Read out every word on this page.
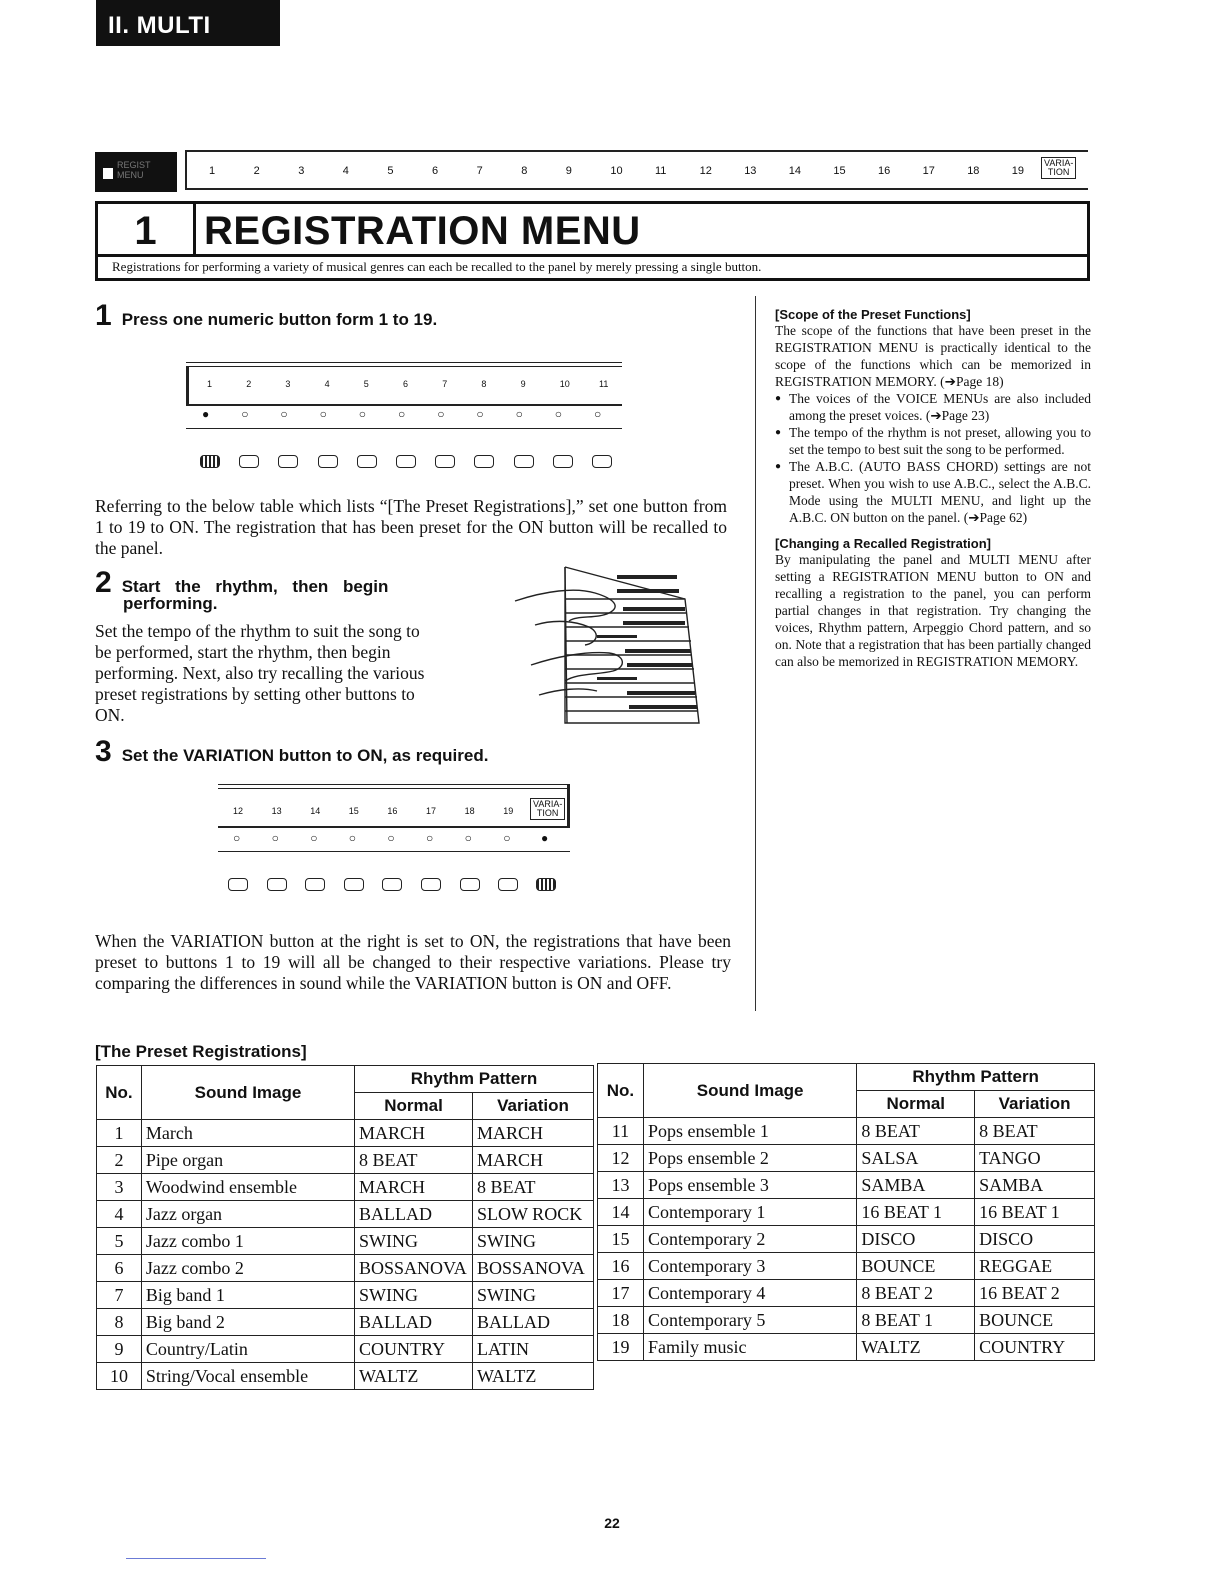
II. MULTI MENU
REGIST MENU	1	2	3	4	5	6	7	8	9	10	11	12	13	14	15	16	17	18	19
VARIA-
TION
1	REGISTRATION MENU
Registrations for performing a variety of musical genres can each be recalled to the panel by merely pressing a single button.
1 Press one numeric button form 1 to 19.
1
●
2
○
3
○
4
○
5
○
6
○
7
○
8
○
9
○
10
○
11
○
Referring to the below table which lists “[The Preset Registrations],” set one button from 1 to 19 to ON. The registration that has been preset for the ON button will be recalled to the panel.
2 Start the rhythm, then begin
performing.
Set the tempo of the rhythm to suit the song to be performed, start the rhythm, then begin performing. Next, also try recalling the various preset registrations by setting other buttons to ON.
3 Set the VARIATION button to ON, as required.
12
○
13
○
14
○
15
○
16
○
17
○
18
○
19
○
VARIA-
TION
●
When the VARIATION button at the right is set to ON, the registrations that have been preset to buttons 1 to 19 will all be changed to their respective variations. Please try comparing the differences in sound while the VARIATION button is ON and OFF.
[Scope of the Preset Functions]
The scope of the functions that have been preset in the REGISTRATION MENU is practically identical to the scope of the functions which can be memorized in REGISTRATION MEMORY. (➔Page 18)
● The voices of the VOICE MENUs are also included among the preset voices. (➔Page 23)
● The tempo of the rhythm is not preset, allowing you to set the tempo to best suit the song to be performed.
● The A.B.C. (AUTO BASS CHORD) settings are not preset. When you wish to use A.B.C., select the A.B.C. Mode using the MULTI MENU, and light up the A.B.C. ON button on the panel. (➔Page 62)
[Changing a Recalled Registration]
By manipulating the panel and MULTI MENU after setting a REGISTRATION MENU button to ON and recalling a registration to the panel, you can perform partial changes in that registration. Try changing the voices, Rhythm pattern, Arpeggio Chord pattern, and so on. Note that a registration that has been partially changed can also be memorized in REGISTRATION MEMORY.
[The Preset Registrations]
No.	Sound Image	Rhythm Pattern	
		Normal	Variation
1	March	MARCH	MARCH
2	Pipe organ	8 BEAT	MARCH
3	Woodwind ensemble	MARCH	8 BEAT
4	Jazz organ	BALLAD	SLOW ROCK
5	Jazz combo 1	SWING	SWING
6	Jazz combo 2	BOSSANOVA	BOSSANOVA
7	Big band 1	SWING	SWING
8	Big band 2	BALLAD	BALLAD
9	Country/Latin	COUNTRY	LATIN
10	String/Vocal ensemble	WALTZ	WALTZ
No.	Sound Image	Rhythm Pattern	
		Normal	Variation
11	Pops ensemble 1	8 BEAT	8 BEAT
12	Pops ensemble 2	SALSA	TANGO
13	Pops ensemble 3	SAMBA	SAMBA
14	Contemporary 1	16 BEAT 1	16 BEAT 1
15	Contemporary 2	DISCO	DISCO
16	Contemporary 3	BOUNCE	REGGAE
17	Contemporary 4	8 BEAT 2	16 BEAT 2
18	Contemporary 5	8 BEAT 1	BOUNCE
19	Family music	WALTZ	COUNTRY
22
